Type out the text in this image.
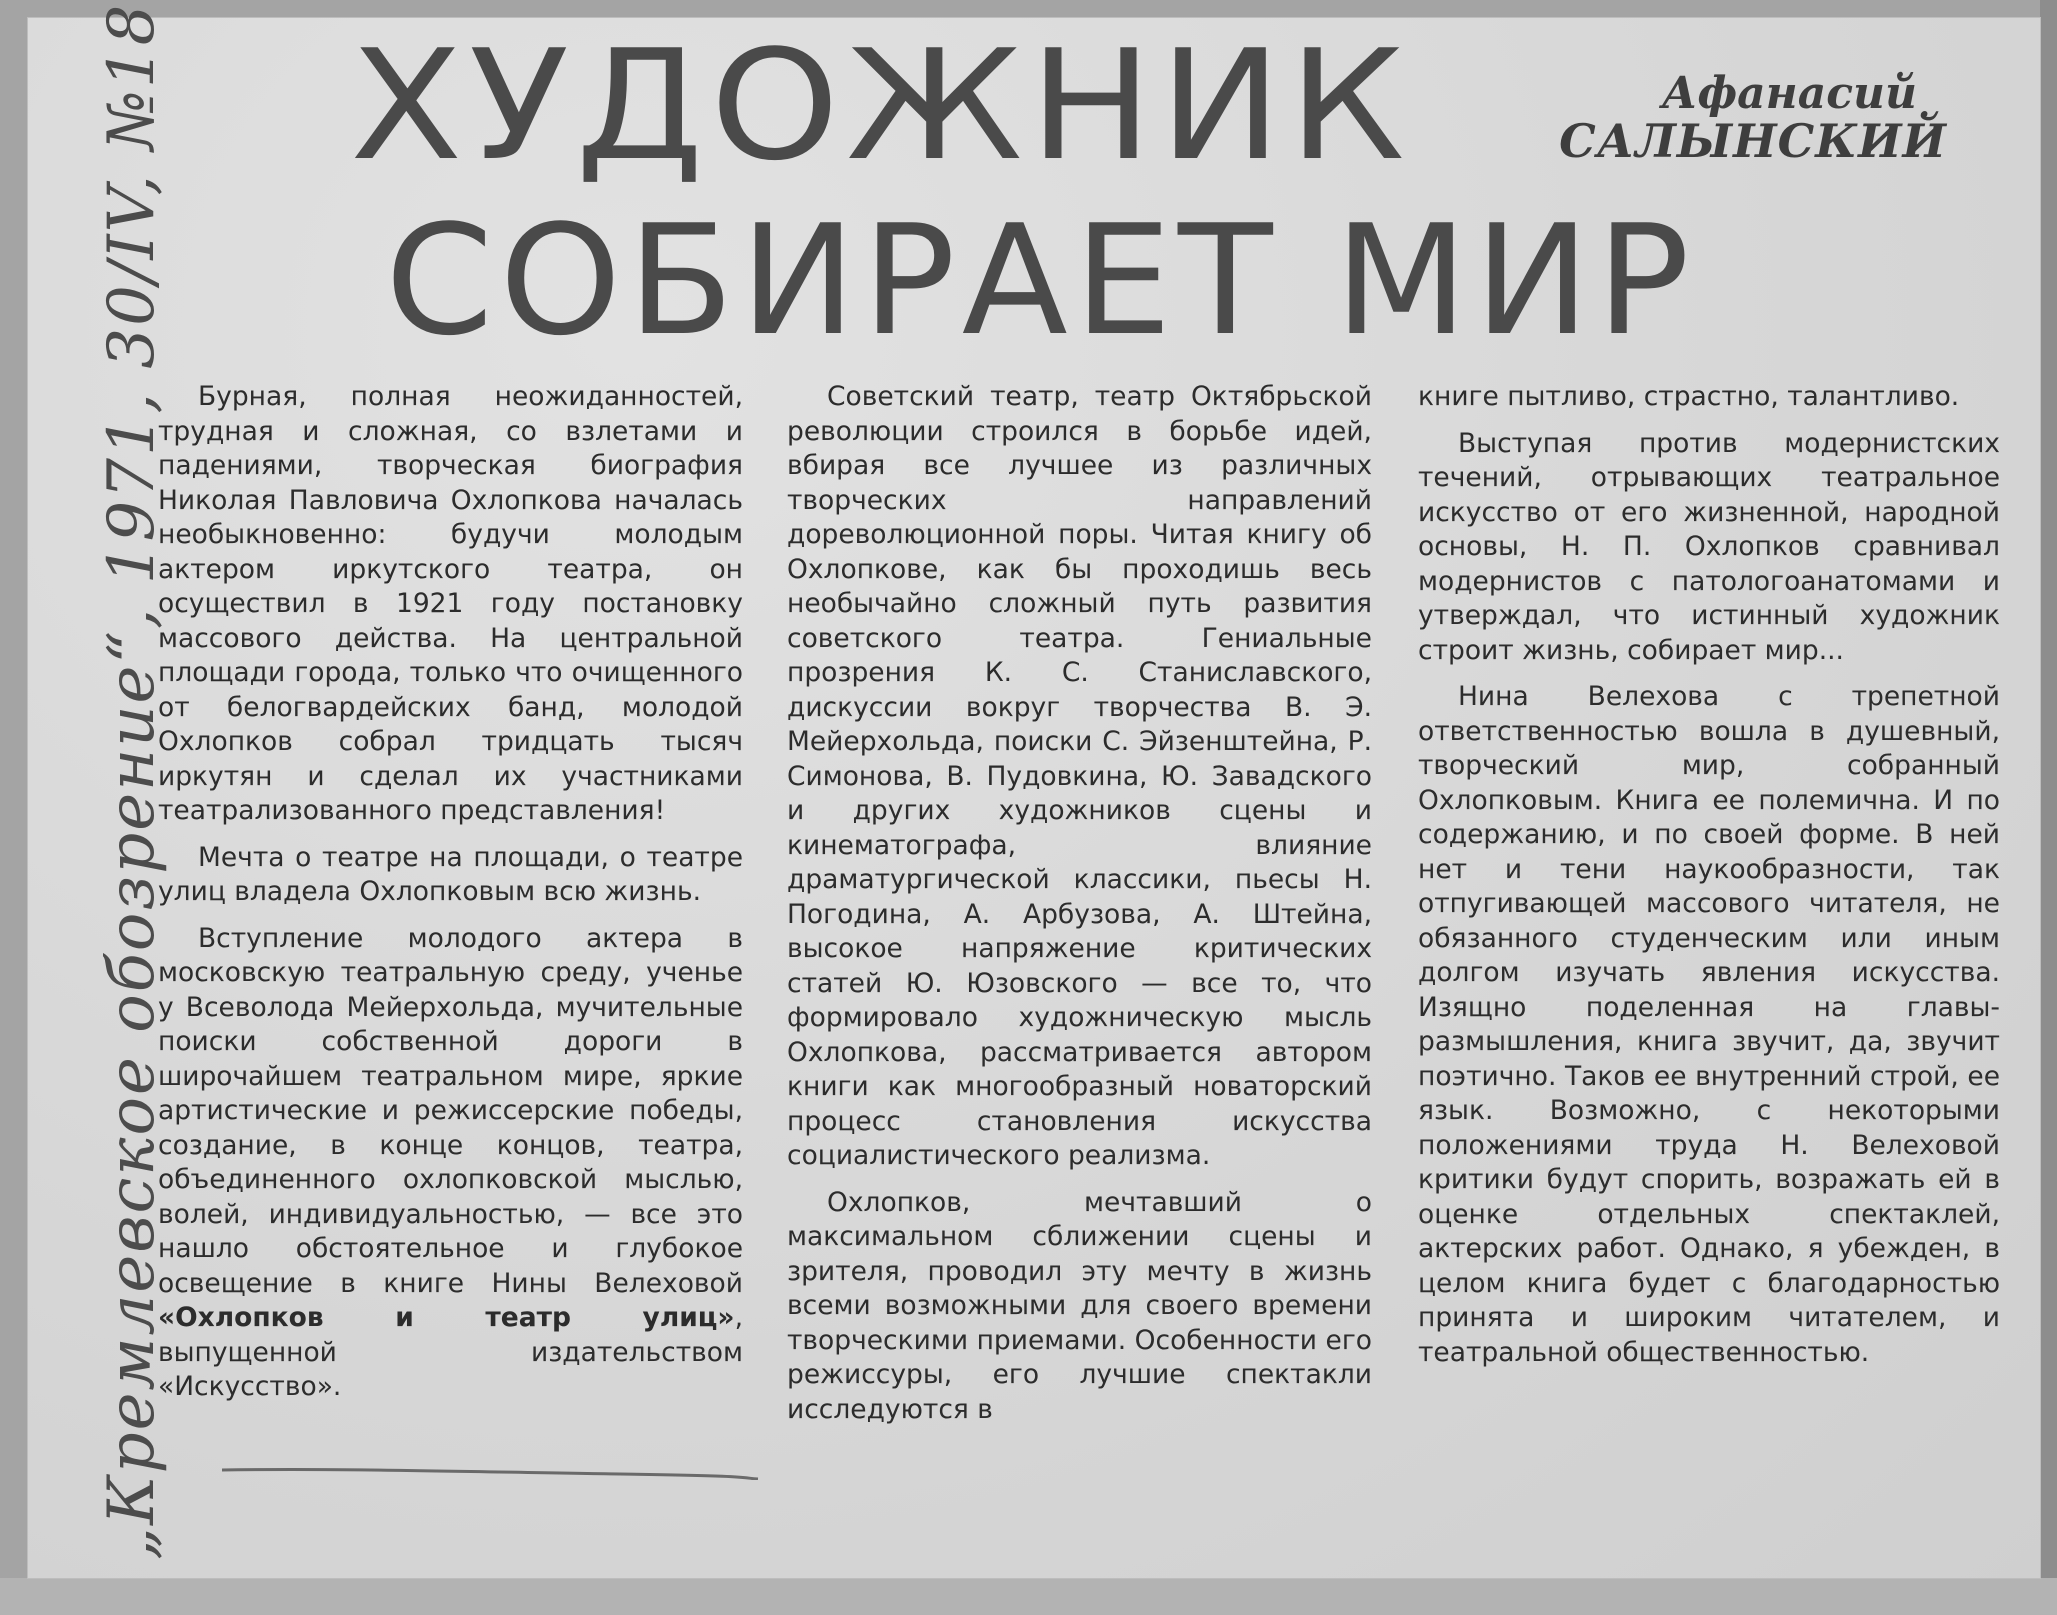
ХУДОЖНИК
СОБИРАЕТ МИР
Афанасий
САЛЫНСКИЙ
„Кремлевское обозрение“, 1971, 30/IV, №18	Бурная, полная неожиданностей, трудная и сложная, со взлетами и падениями, творческая биография Николая Павловича Охлопкова началась необыкновенно: будучи молодым актером иркутского театра, он осуществил в 1921 году постановку массового действа. На центральной площади города, только что очищенного от белогвардейских банд, молодой Охлопков собрал тридцать тысяч иркутян и сделал их участниками театрализованного представления!

Мечта о театре на площади, о театре улиц владела Охлопковым всю жизнь.

Вступление молодого актера в московскую театральную среду, ученье у Всеволода Мейерхольда, мучительные поиски собственной дороги в широчайшем театральном мире, яркие артистические и режиссерские победы, создание, в конце концов, театра, объединенного охлопковской мыслью, волей, индивидуальностью, — все это нашло обстоятельное и глубокое освещение в книге Нины Велеховой «Охлопков и театр улиц», выпущенной издательством «Искусство».

Советский театр, театр Октябрьской революции строился в борьбе идей, вбирая все лучшее из различных творческих направлений дореволюционной поры. Читая книгу об Охлопкове, как бы проходишь весь необычайно сложный путь развития советского театра. Гениальные прозрения К. С. Станиславского, дискуссии вокруг творчества В. Э. Мейерхольда, поиски С. Эйзенштейна, Р. Симонова, В. Пудовкина, Ю. Завадского и других художников сцены и кинематографа, влияние драматургической классики, пьесы Н. Погодина, А. Арбузова, А. Штейна, высокое напряжение критических статей Ю. Юзовского — все то, что формировало художническую мысль Охлопкова, рассматривается автором книги как многообразный новаторский процесс становления искусства социалистического реализма.

Охлопков, мечтавший о максимальном сближении сцены и зрителя, проводил эту мечту в жизнь всеми возможными для своего времени творческими приемами. Особенности его режиссуры, его лучшие спектакли исследуются в

книге пытливо, страстно, талантливо.

Выступая против модернистских течений, отрывающих театральное искусство от его жизненной, народной основы, Н. П. Охлопков сравнивал модернистов с патологоанатомами и утверждал, что истинный художник строит жизнь, собирает мир...

Нина Велехова с трепетной ответственностью вошла в душевный, творческий мир, собранный Охлопковым. Книга ее полемична. И по содержанию, и по своей форме. В ней нет и тени наукообразности, так отпугивающей массового читателя, не обязанного студенческим или иным долгом изучать явления искусства. Изящно поделенная на главы-размышления, книга звучит, да, звучит поэтично. Таков ее внутренний строй, ее язык. Возможно, с некоторыми положениями труда Н. Велеховой критики будут спорить, возражать ей в оценке отдельных спектаклей, актерских работ. Однако, я убежден, в целом книга будет с благодарностью принята и широким читателем, и театральной общественностью.
